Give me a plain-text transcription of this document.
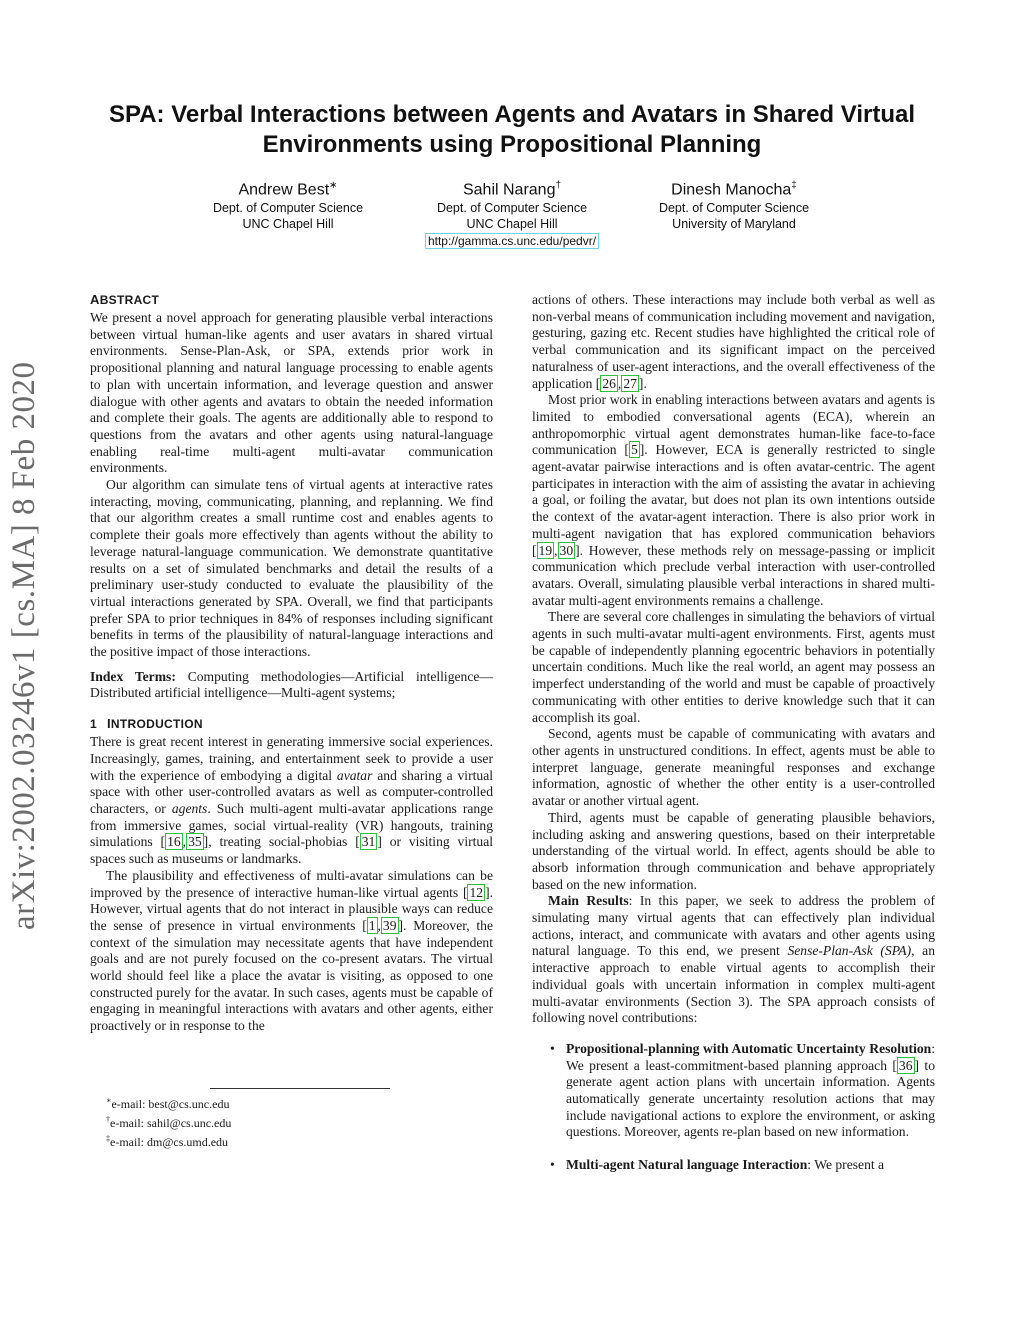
arXiv:2002.03246v1 [cs.MA] 8 Feb 2020
SPA: Verbal Interactions between Agents and Avatars in Shared Virtual
Environments using Propositional Planning
Andrew Best∗
Dept. of Computer Science
UNC Chapel Hill
Sahil Narang†
Dept. of Computer Science
UNC Chapel Hill
http://gamma.cs.unc.edu/pedvr/
Dinesh Manocha‡
Dept. of Computer Science
University of Maryland
ABSTRACT

We present a novel approach for generating plausible verbal interactions between virtual human-like agents and user avatars in shared virtual environments. Sense-Plan-Ask, or SPA, extends prior work in propositional planning and natural language processing to enable agents to plan with uncertain information, and leverage question and answer dialogue with other agents and avatars to obtain the needed information and complete their goals. The agents are additionally able to respond to questions from the avatars and other agents using natural-language enabling real-time multi-agent multi-avatar communication environments.

Our algorithm can simulate tens of virtual agents at interactive rates interacting, moving, communicating, planning, and replanning. We find that our algorithm creates a small runtime cost and enables agents to complete their goals more effectively than agents without the ability to leverage natural-language communication. We demonstrate quantitative results on a set of simulated benchmarks and detail the results of a preliminary user-study conducted to evaluate the plausibility of the virtual interactions generated by SPA. Overall, we find that participants prefer SPA to prior techniques in 84% of responses including significant benefits in terms of the plausibility of natural-language interactions and the positive impact of those interactions.

Index Terms: Computing methodologies—Artificial intelligence—Distributed artificial intelligence—Multi-agent systems;

1 INTRODUCTION

There is great recent interest in generating immersive social experiences. Increasingly, games, training, and entertainment seek to provide a user with the experience of embodying a digital avatar and sharing a virtual space with other user-controlled avatars as well as computer-controlled characters, or agents. Such multi-agent multi-avatar applications range from immersive games, social virtual-reality (VR) hangouts, training simulations [ 16 , 35 ], treating social-phobias [ 31 ] or visiting virtual spaces such as museums or landmarks.

The plausibility and effectiveness of multi-avatar simulations can be improved by the presence of interactive human-like virtual agents [ 12 ]. However, virtual agents that do not interact in plausible ways can reduce the sense of presence in virtual environments [ 1 , 39 ]. Moreover, the context of the simulation may necessitate agents that have independent goals and are not purely focused on the co-present avatars. The virtual world should feel like a place the avatar is visiting, as opposed to one constructed purely for the avatar. In such cases, agents must be capable of engaging in meaningful interactions with avatars and other agents, either proactively or in response to the

∗e-mail: best@cs.unc.edu
†e-mail: sahil@cs.unc.edu
‡e-mail: dm@cs.umd.edu

actions of others. These interactions may include both verbal as well as non-verbal means of communication including movement and navigation, gesturing, gazing etc. Recent studies have highlighted the critical role of verbal communication and its significant impact on the perceived naturalness of user-agent interactions, and the overall effectiveness of the application [ 26 , 27 ].

Most prior work in enabling interactions between avatars and agents is limited to embodied conversational agents (ECA), wherein an anthropomorphic virtual agent demonstrates human-like face-to-face communication [ 5 ]. However, ECA is generally restricted to single agent-avatar pairwise interactions and is often avatar-centric. The agent participates in interaction with the aim of assisting the avatar in achieving a goal, or foiling the avatar, but does not plan its own intentions outside the context of the avatar-agent interaction. There is also prior work in multi-agent navigation that has explored communication behaviors [ 19 , 30 ]. However, these methods rely on message-passing or implicit communication which preclude verbal interaction with user-controlled avatars. Overall, simulating plausible verbal interactions in shared multi-avatar multi-agent environments remains a challenge.

There are several core challenges in simulating the behaviors of virtual agents in such multi-avatar multi-agent environments. First, agents must be capable of independently planning egocentric behaviors in potentially uncertain conditions. Much like the real world, an agent may possess an imperfect understanding of the world and must be capable of proactively communicating with other entities to derive knowledge such that it can accomplish its goal.

Second, agents must be capable of communicating with avatars and other agents in unstructured conditions. In effect, agents must be able to interpret language, generate meaningful responses and exchange information, agnostic of whether the other entity is a user-controlled avatar or another virtual agent.

Third, agents must be capable of generating plausible behaviors, including asking and answering questions, based on their interpretable understanding of the virtual world. In effect, agents should be able to absorb information through communication and behave appropriately based on the new information.

Main Results: In this paper, we seek to address the problem of simulating many virtual agents that can effectively plan individual actions, interact, and communicate with avatars and other agents using natural language. To this end, we present Sense-Plan-Ask (SPA), an interactive approach to enable virtual agents to accomplish their individual goals with uncertain information in complex multi-agent multi-avatar environments (Section 3). The SPA approach consists of following novel contributions:

• Propositional-planning with Automatic Uncertainty Resolution: We present a least-commitment-based planning approach [ 36 ] to generate agent action plans with uncertain information. Agents automatically generate uncertainty resolution actions that may include navigational actions to explore the environment, or asking questions. Moreover, agents re-plan based on new information.
• Multi-agent Natural language Interaction: We present a
